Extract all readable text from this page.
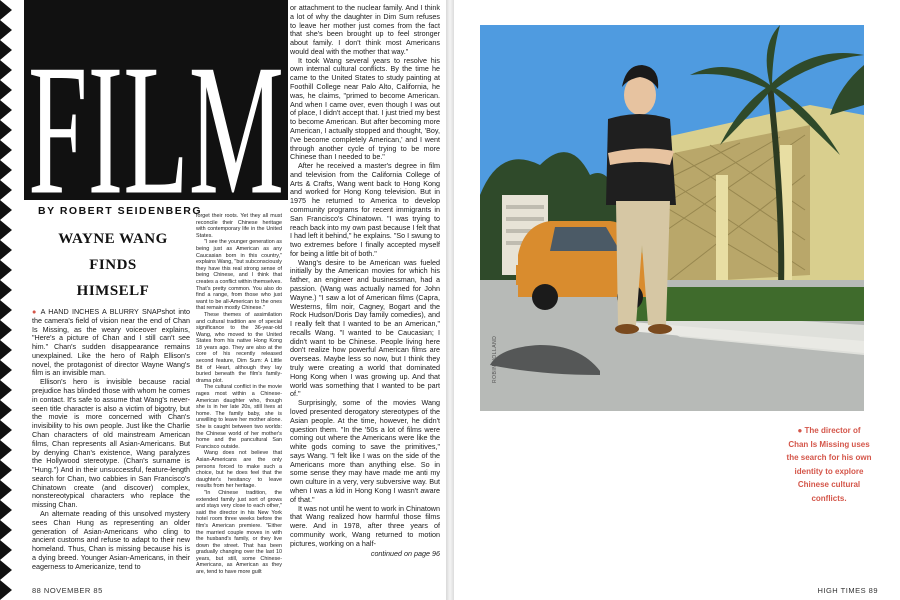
FILM
BY ROBERT SEIDENBERG
WAYNE WANG
FINDS
HIMSELF

● A HAND INCHES A BLURRY SNAPshot into the camera's field of vision near the end of Chan Is Missing, as the weary voiceover explains, "Here's a picture of Chan and I still can't see him." Chan's sudden disappearance remains unexplained. Like the hero of Ralph Ellison's novel, the protagonist of director Wayne Wang's film is an invisible man.

Ellison's hero is invisible because racial prejudice has blinded those with whom he comes in contact. It's safe to assume that Wang's never-seen title character is also a victim of bigotry, but the movie is more concerned with Chan's invisibility to his own people. Just like the Charlie Chan characters of old mainstream American films, Chan represents all Asian-Americans. But by denying Chan's existence, Wang paralyzes the Hollywood stereotype. (Chan's surname is "Hung.") And in their unsuccessful, feature-length search for Chan, two cabbies in San Francisco's Chinatown create (and discover) complex, nonstereotypical characters who replace the missing Chan.

An alternate reading of this unsolved mystery sees Chan Hung as representing an older generation of Asian-Americans who cling to ancient customs and refuse to adapt to their new homeland. Thus, Chan is missing because his is a dying breed. Younger Asian-Americans, in their eagerness to Americanize, tend to

88 NOVEMBER 85

forget their roots. Yet they all must reconcile their Chinese heritage with contemporary life in the United States.

"I see the younger generation as being just as American as any Caucasian born in this country," explains Wang, "but subconsciously they have this real strong sense of being Chinese, and I think that creates a conflict within themselves. That's pretty common. You also do find a range, from those who just want to be all-American to the ones that remain mostly Chinese."

These themes of assimilation and cultural tradition are of special significance to the 36-year-old Wang, who moved to the United States from his native Hong Kong 18 years ago. They are also at the core of his recently released second feature, Dim Sum: A Little Bit of Heart, although they lay buried beneath the film's family-drama plot.

The cultural conflict in the movie rages most within a Chinese-American daughter who, though she is in her late 20s, still lives at home. The family baby, she is unwilling to leave her mother alone. She is caught between two worlds: the Chinese world of her mother's home and the pancultural San Francisco outside.

Wang does not believe that Asian-Americans are the only persons forced to make such a choice, but he does feel that the daughter's hesitancy to leave results from her heritage.

"In Chinese tradition, the extended family just sort of grows and stays very close to each other," said the director in his New York hotel room three weeks before the film's American premiere. "Either the married couple moves in with the husband's family, or they live down the street. That has been gradually changing over the last 10 years, but still, some Chinese-Americans, as American as they are, tend to have more guilt

or attachment to the nuclear family. And I think a lot of why the daughter in Dim Sum refuses to leave her mother just comes from the fact that she's been brought up to feel stronger about family. I don't think most Americans would deal with the mother that way."

It took Wang several years to resolve his own internal cultural conflicts. By the time he came to the United States to study painting at Foothill College near Palo Alto, California, he was, he claims, "primed to become American. And when I came over, even though I was out of place, I didn't accept that. I just tried my best to become American. But after becoming more American, I actually stopped and thought, 'Boy, I've become completely American,' and I went through another cycle of trying to be more Chinese than I needed to be."

After he received a master's degree in film and television from the California College of Arts & Crafts, Wang went back to Hong Kong and worked for Hong Kong television. But in 1975 he returned to America to develop community programs for recent immigrants in San Francisco's Chinatown. "I was trying to reach back into my own past because I felt that I had left it behind," he explains. "So I swung to two extremes before I finally accepted myself for being a little bit of both."

Wang's desire to be American was fueled initially by the American movies for which his father, an engineer and businessman, had a passion. (Wang was actually named for John Wayne.) "I saw a lot of American films (Capra, Westerns, film noir, Cagney, Bogart and the Rock Hudson/Doris Day family comedies), and I really felt that I wanted to be an American," recalls Wang. "I wanted to be Caucasian; I didn't want to be Chinese. People living here don't realize how powerful American films are overseas. Maybe less so now, but I think they truly were creating a world that dominated Hong Kong when I was growing up. And that world was something that I wanted to be part of."

Surprisingly, some of the movies Wang loved presented derogatory stereotypes of the Asian people. At the time, however, he didn't question them. "In the '50s a lot of films were coming out where the Americans were like the white gods coming to save the primitives," says Wang. "I felt like I was on the side of the Americans more than anything else. So in some sense they may have made me anti my own culture in a very, very subversive way. But when I was a kid in Hong Kong I wasn't aware of that."

It was not until he went to work in Chinatown that Wang realized how harmful those films were. And in 1978, after three years of community work, Wang returned to motion pictures, working on a half-

continued on page 96
ROBIN HOLLAND
● The director of
Chan Is Missing uses
the search for his own
identity to explore
Chinese cultural
conflicts.
HIGH TIMES 89
